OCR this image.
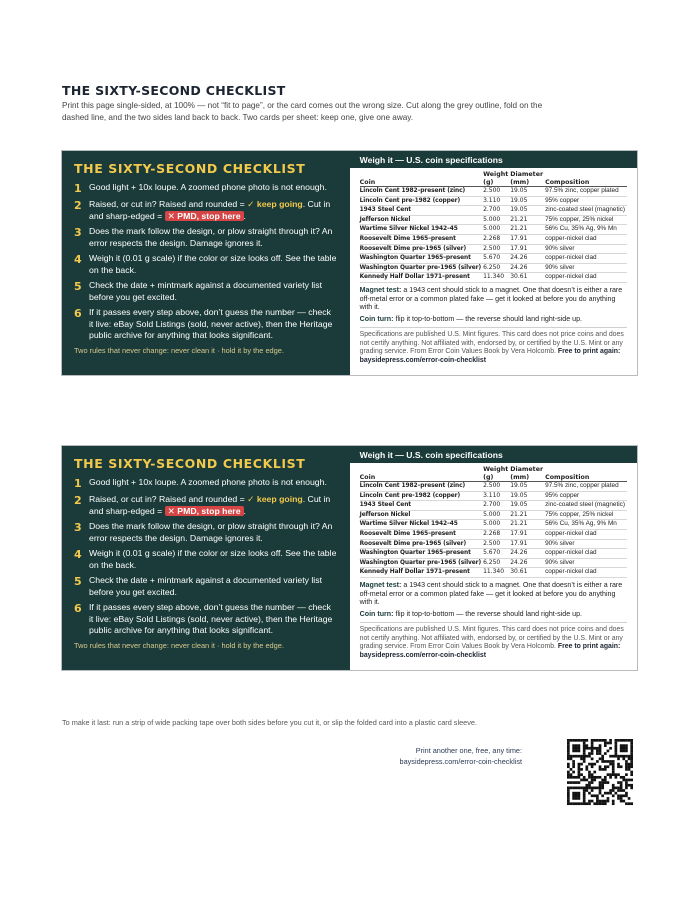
THE SIXTY-SECOND CHECKLIST

Print this page single-sided, at 100% — not “fit to page”, or the card comes out the wrong size. Cut along the grey outline, fold on the dashed line, and the two sides land back to back. Two cards per sheet: keep one, give one away.

THE SIXTY-SECOND CHECKLIST
1 Good light + 10x loupe. A zoomed phone photo is not enough.
2 Raised, or cut in? Raised and rounded = ✓ keep going. Cut in and sharp-edged = ✕ PMD, stop here .
3 Does the mark follow the design, or plow straight through it? An error respects the design. Damage ignores it.
4 Weigh it (0.01 g scale) if the color or size looks off. See the table on the back.
5 Check the date + mintmark against a documented variety list before you get excited.
6 If it passes every step above, don’t guess the number — check it live: eBay Sold Listings (sold, never active), then the Heritage public archive for anything that looks significant.

Two rules that never change: never clean it · hold it by the edge.

Weigh it — U.S. coin specifications
Coin	Weight (g)	Diameter (mm)	Composition
Lincoln Cent 1982–present (zinc)	2.500	19.05	97.5% zinc, copper plated
Lincoln Cent pre-1982 (copper)	3.110	19.05	95% copper
1943 Steel Cent	2.700	19.05	zinc-coated steel (magnetic)
Jefferson Nickel	5.000	21.21	75% copper, 25% nickel
Wartime Silver Nickel 1942–45	5.000	21.21	56% Cu, 35% Ag, 9% Mn
Roosevelt Dime 1965–present	2.268	17.91	copper-nickel clad
Roosevelt Dime pre-1965 (silver)	2.500	17.91	90% silver
Washington Quarter 1965–present	5.670	24.26	copper-nickel clad
Washington Quarter pre-1965 (silver)	6.250	24.26	90% silver
Kennedy Half Dollar 1971–present	11.340	30.61	copper-nickel clad

Magnet test: a 1943 cent should stick to a magnet. One that doesn’t is either a rare off-metal error or a common plated fake — get it looked at before you do anything with it.

Coin turn: flip it top-to-bottom — the reverse should land right-side up.

Specifications are published U.S. Mint figures. This card does not price coins and does not certify anything. Not affiliated with, endorsed by, or certified by the U.S. Mint or any grading service. From Error Coin Values Book by Vera Holcomb. Free to print again: baysidepress.com/error-coin-checklist

THE SIXTY-SECOND CHECKLIST
1 Good light + 10x loupe. A zoomed phone photo is not enough.
2 Raised, or cut in? Raised and rounded = ✓ keep going. Cut in and sharp-edged = ✕ PMD, stop here .
3 Does the mark follow the design, or plow straight through it? An error respects the design. Damage ignores it.
4 Weigh it (0.01 g scale) if the color or size looks off. See the table on the back.
5 Check the date + mintmark against a documented variety list before you get excited.
6 If it passes every step above, don’t guess the number — check it live: eBay Sold Listings (sold, never active), then the Heritage public archive for anything that looks significant.

Two rules that never change: never clean it · hold it by the edge.

Weigh it — U.S. coin specifications
Coin	Weight (g)	Diameter (mm)	Composition
Lincoln Cent 1982–present (zinc)	2.500	19.05	97.5% zinc, copper plated
Lincoln Cent pre-1982 (copper)	3.110	19.05	95% copper
1943 Steel Cent	2.700	19.05	zinc-coated steel (magnetic)
Jefferson Nickel	5.000	21.21	75% copper, 25% nickel
Wartime Silver Nickel 1942–45	5.000	21.21	56% Cu, 35% Ag, 9% Mn
Roosevelt Dime 1965–present	2.268	17.91	copper-nickel clad
Roosevelt Dime pre-1965 (silver)	2.500	17.91	90% silver
Washington Quarter 1965–present	5.670	24.26	copper-nickel clad
Washington Quarter pre-1965 (silver)	6.250	24.26	90% silver
Kennedy Half Dollar 1971–present	11.340	30.61	copper-nickel clad

Magnet test: a 1943 cent should stick to a magnet. One that doesn’t is either a rare off-metal error or a common plated fake — get it looked at before you do anything with it.

Coin turn: flip it top-to-bottom — the reverse should land right-side up.

Specifications are published U.S. Mint figures. This card does not price coins and does not certify anything. Not affiliated with, endorsed by, or certified by the U.S. Mint or any grading service. From Error Coin Values Book by Vera Holcomb. Free to print again: baysidepress.com/error-coin-checklist

To make it last: run a strip of wide packing tape over both sides before you cut it, or slip the folded card into a plastic card sleeve.

Print another one, free, any time:
baysidepress.com/error-coin-checklist
